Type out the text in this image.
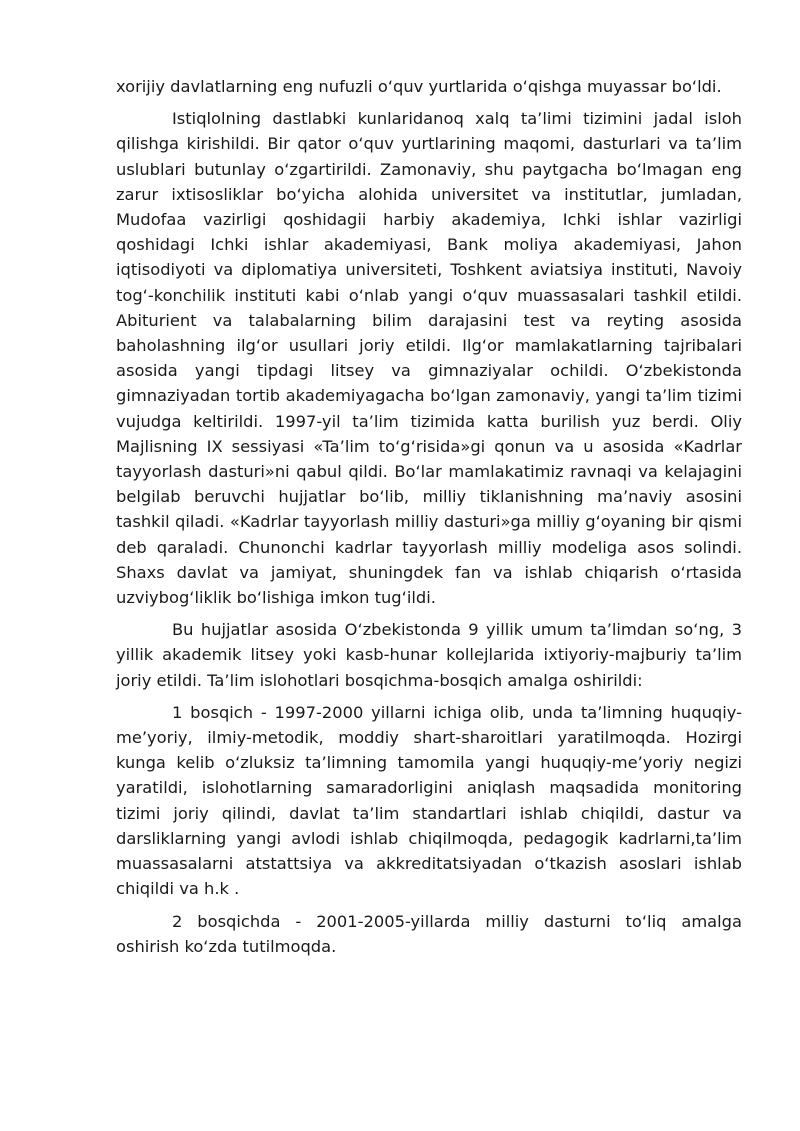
xorijiy davlatlarning eng nufuzli o‘quv yurtlarida o‘qishga muyassar bo‘ldi.

Istiqlolning dastlabki kunlaridanoq xalq ta’limi tizimini jadal isloh qilishga kirishildi. Bir qator o‘quv yurtlarining maqomi, dasturlari va ta’lim uslublari butunlay o‘zgartirildi. Zamonaviy, shu paytgacha bo‘lmagan eng zarur ixtisosliklar bo‘yicha alohida universitet va institutlar, jumladan, Mudofaa vazirligi qoshidagii harbiy akademiya, Ichki ishlar vazirligi qoshidagi Ichki ishlar akademiyasi, Bank moliya akademiyasi, Jahon iqtisodiyoti va diplomatiya universiteti, Toshkent aviatsiya instituti, Navoiy tog‘-konchilik instituti kabi o‘nlab yangi o‘quv muassasalari tashkil etildi. Abiturient va talabalarning bilim darajasini test va reyting asosida baholashning ilg‘or usullari joriy etildi. Ilg‘or mamlakatlarning tajribalari asosida yangi tipdagi litsey va gimnaziyalar ochildi. O‘zbekistonda gimnaziyadan tortib akademiyagacha bo‘lgan zamonaviy, yangi ta’lim tizimi vujudga keltirildi. 1997-yil ta’lim tizimida katta burilish yuz berdi. Oliy Majlisning IX sessiyasi «Ta’lim to‘g‘risida»gi qonun va u asosida «Kadrlar tayyorlash dasturi»ni qabul qildi. Bo‘lar mamlakatimiz ravnaqi va kelajagini belgilab beruvchi hujjatlar bo‘lib, milliy tiklanishning ma’naviy asosini tashkil qiladi. «Kadrlar tayyorlash milliy dasturi»ga milliy g‘oyaning bir qismi deb qaraladi. Chunonchi kadrlar tayyorlash milliy modeliga asos solindi. Shaxs davlat va jamiyat, shuningdek fan va ishlab chiqarish o‘rtasida uzviybog‘liklik bo‘lishiga imkon tug‘ildi.

Bu hujjatlar asosida O‘zbekistonda 9 yillik umum ta’limdan so‘ng, 3 yillik akademik litsey yoki kasb-hunar kollejlarida ixtiyoriy-majburiy ta’lim joriy etildi. Ta’lim islohotlari bosqichma-bosqich amalga oshirildi:

1 bosqich - 1997-2000 yillarni ichiga olib, unda ta’limning huquqiy-me’yoriy, ilmiy-metodik, moddiy shart-sharoitlari yaratilmoqda. Hozirgi kunga kelib o‘zluksiz ta’limning tamomila yangi huquqiy-me’yoriy negizi yaratildi, islohotlarning samaradorligini aniqlash maqsadida monitoring tizimi joriy qilindi, davlat ta’lim standartlari ishlab chiqildi, dastur va darsliklarning yangi avlodi ishlab chiqilmoqda, pedagogik kadrlarni,ta’lim muassasalarni atstattsiya va akkreditatsiyadan o‘tkazish asoslari ishlab chiqildi va h.k .

2 bosqichda - 2001-2005-yillarda milliy dasturni to‘liq amalga oshirish ko‘zda tutilmoqda.
